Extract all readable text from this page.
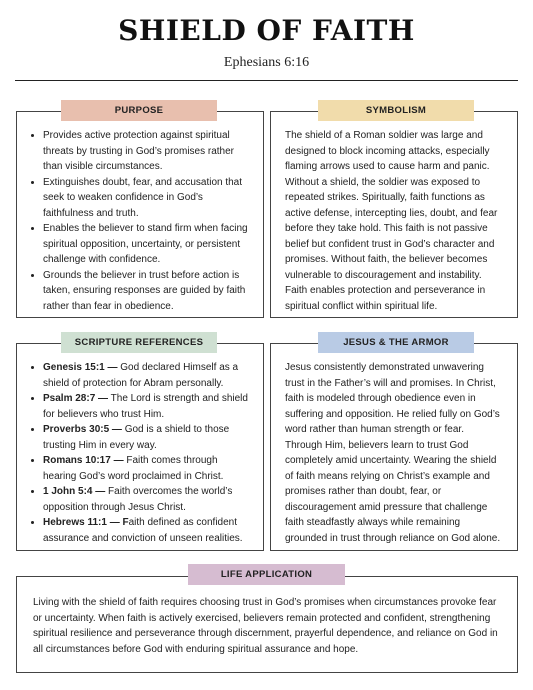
SHIELD OF FAITH
Ephesians 6:16
• Provides active protection against spiritual threats by trusting in God’s promises rather than visible circumstances.
• Extinguishes doubt, fear, and accusation that seek to weaken confidence in God’s faithfulness and truth.
• Enables the believer to stand firm when facing spiritual opposition, uncertainty, or persistent challenge with confidence.
• Grounds the believer in trust before action is taken, ensuring responses are guided by faith rather than fear in obedience.
PURPOSE

The shield of a Roman soldier was large and designed to block incoming attacks, especially flaming arrows used to cause harm and panic. Without a shield, the soldier was exposed to repeated strikes. Spiritually, faith functions as active defense, intercepting lies, doubt, and fear before they take hold. This faith is not passive belief but confident trust in God’s character and promises. Without faith, the believer becomes vulnerable to discouragement and instability. Faith enables protection and perseverance in spiritual conflict within spiritual life.

SYMBOLISM
• Genesis 15:1 — God declared Himself as a shield of protection for Abram personally.
• Psalm 28:7 — The Lord is strength and shield for believers who trust Him.
• Proverbs 30:5 — God is a shield to those trusting Him in every way.
• Romans 10:17 — Faith comes through hearing God’s word proclaimed in Christ.
• 1 John 5:4 — Faith overcomes the world’s opposition through Jesus Christ.
• Hebrews 11:1 — Faith defined as confident assurance and conviction of unseen realities.
SCRIPTURE REFERENCES

Jesus consistently demonstrated unwavering trust in the Father’s will and promises. In Christ, faith is modeled through obedience even in suffering and opposition. He relied fully on God’s word rather than human strength or fear. Through Him, believers learn to trust God completely amid uncertainty. Wearing the shield of faith means relying on Christ’s example and promises rather than doubt, fear, or discouragement amid pressure that challenge faith steadfastly always while remaining grounded in trust through reliance on God alone.

JESUS & THE ARMOR

Living with the shield of faith requires choosing trust in God’s promises when circumstances provoke fear or uncertainty. When faith is actively exercised, believers remain protected and confident, strengthening spiritual resilience and perseverance through discernment, prayerful dependence, and reliance on God in all circumstances before God with enduring spiritual assurance and hope.

LIFE APPLICATION
